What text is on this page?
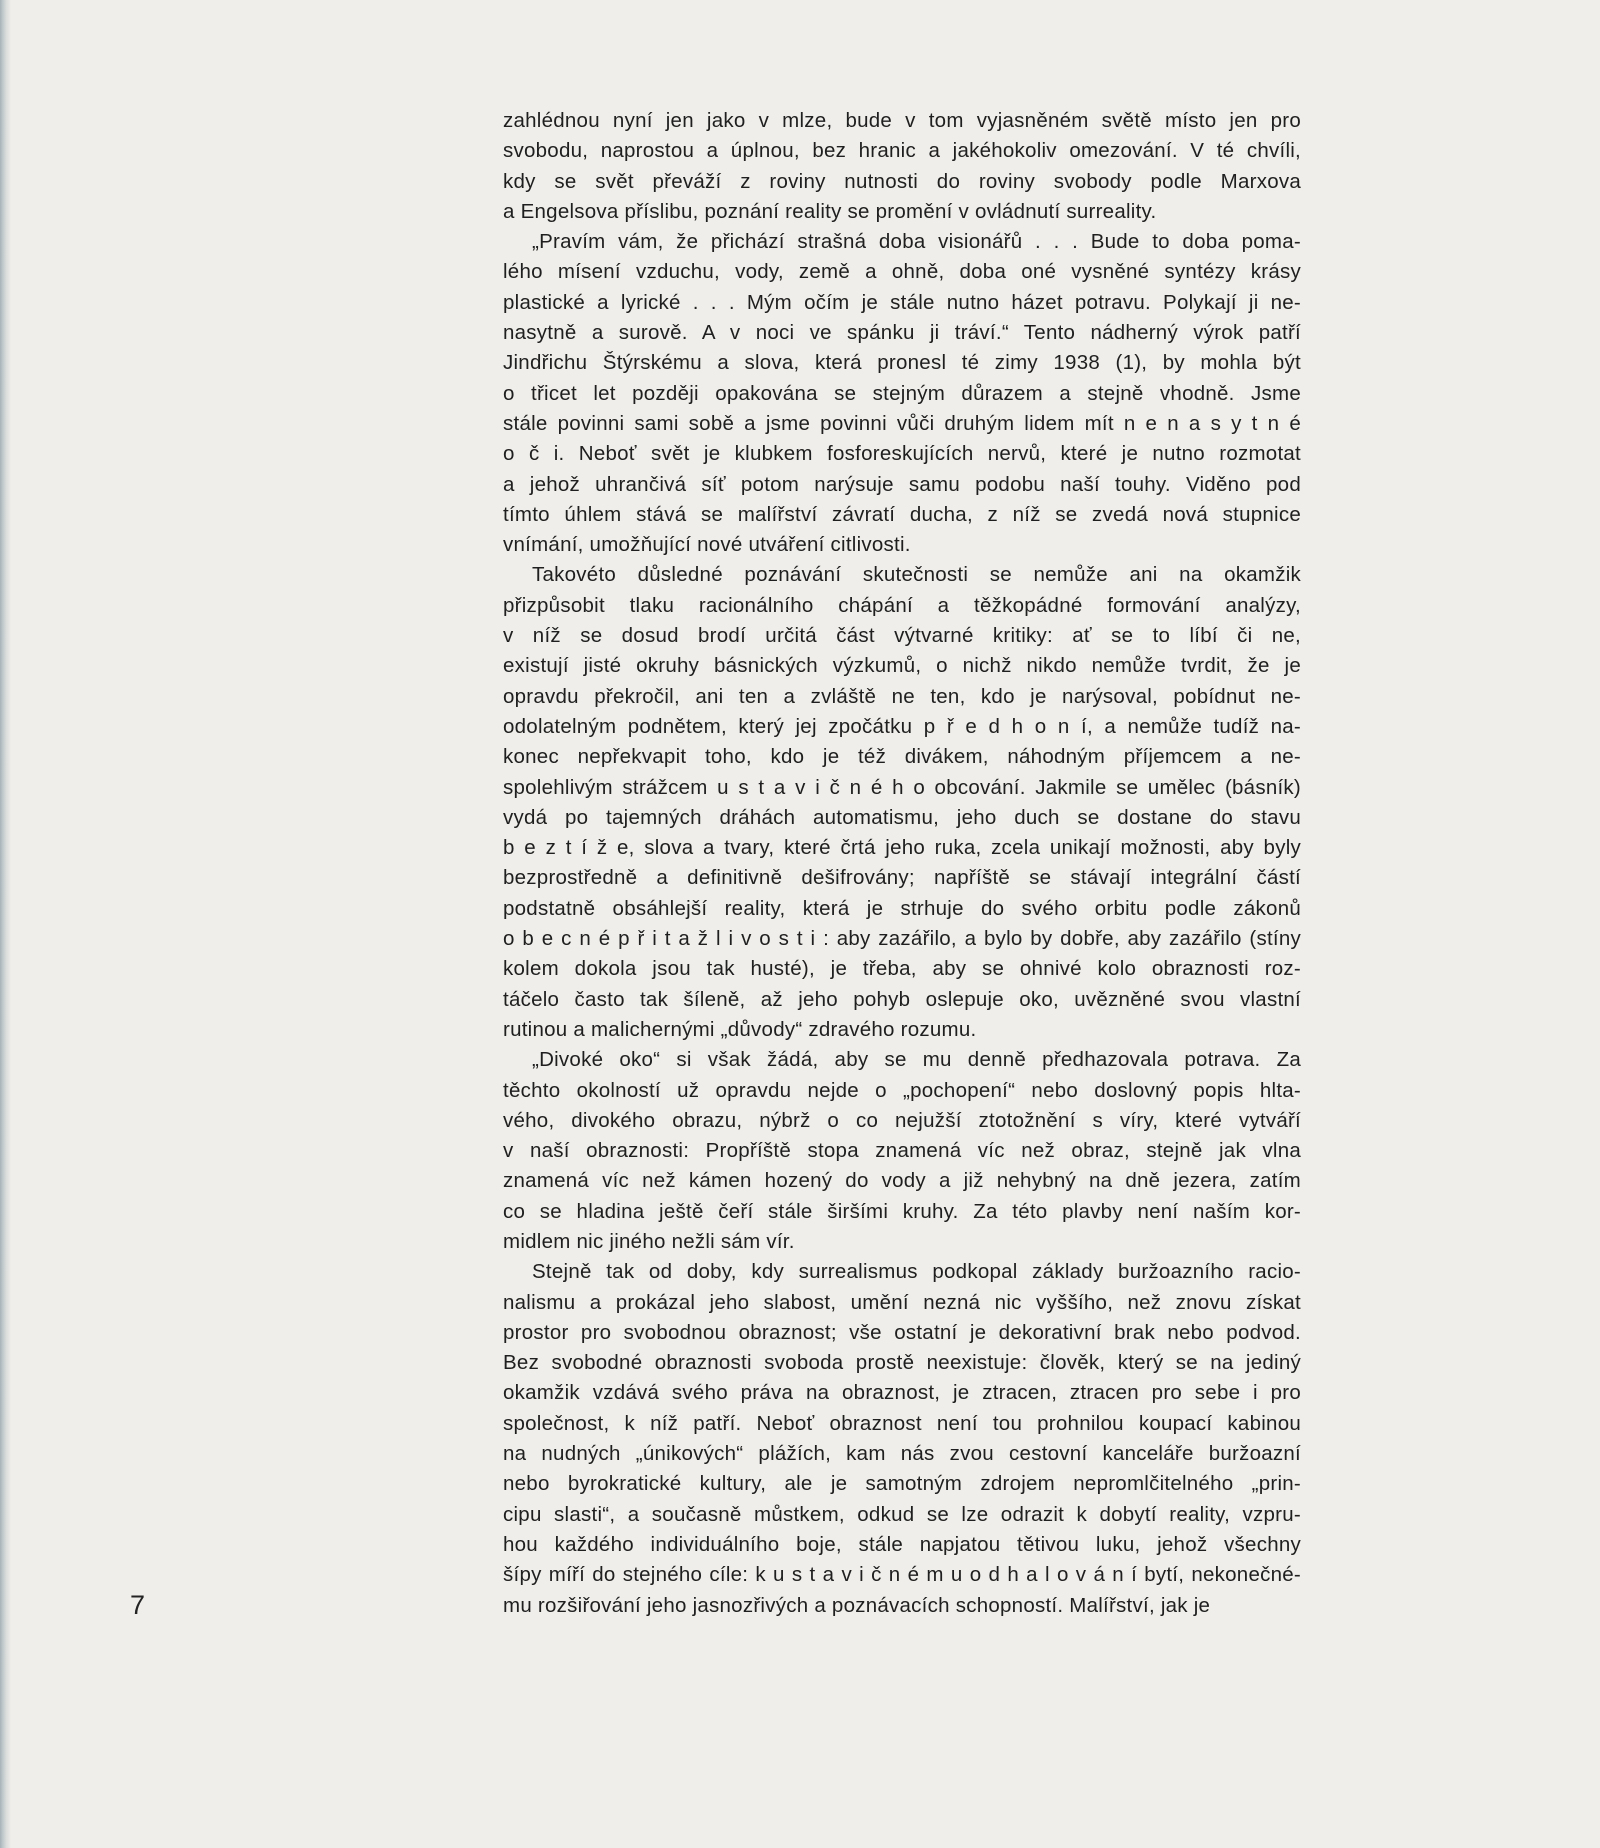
7
zahlédnou nyní jen jako v mlze, bude v tom vyjasněném světě místo jen pro
svobodu, naprostou a úplnou, bez hranic a jakéhokoliv omezování. V té chvíli,
kdy se svět převáží z roviny nutnosti do roviny svobody podle Marxova
a Engelsova příslibu, poznání reality se promění v ovládnutí surreality.
„Pravím vám, že přichází strašná doba visionářů . . . Bude to doba poma-
lého mísení vzduchu, vody, země a ohně, doba oné vysněné syntézy krásy
plastické a lyrické . . . Mým očím je stále nutno házet potravu. Polykají ji ne-
nasytně a surově. A v noci ve spánku ji tráví.“ Tento nádherný výrok patří
Jindřichu Štýrskému a slova, která pronesl té zimy 1938 (1), by mohla být
o třicet let později opakována se stejným důrazem a stejně vhodně. Jsme
stále povinni sami sobě a jsme povinni vůči druhým lidem mít n e n a s y t n é
o č i. Neboť svět je klubkem fosforeskujících nervů, které je nutno rozmotat
a jehož uhrančivá síť potom narýsuje samu podobu naší touhy. Viděno pod
tímto úhlem stává se malířství závratí ducha, z níž se zvedá nová stupnice
vnímání, umožňující nové utváření citlivosti.
Takovéto důsledné poznávání skutečnosti se nemůže ani na okamžik
přizpůsobit tlaku racionálního chápání a těžkopádné formování analýzy,
v níž se dosud brodí určitá část výtvarné kritiky: ať se to líbí či ne,
existují jisté okruhy básnických výzkumů, o nichž nikdo nemůže tvrdit, že je
opravdu překročil, ani ten a zvláště ne ten, kdo je narýsoval, pobídnut ne-
odolatelným podnětem, který jej zpočátku p ř e d h o n í, a nemůže tudíž na-
konec nepřekvapit toho, kdo je též divákem, náhodným příjemcem a ne-
spolehlivým strážcem u s t a v i č n é h o obcování. Jakmile se umělec (básník)
vydá po tajemných dráhách automatismu, jeho duch se dostane do stavu
b e z t í ž e, slova a tvary, které črtá jeho ruka, zcela unikají možnosti, aby byly
bezprostředně a definitivně dešifrovány; napříště se stávají integrální částí
podstatně obsáhlejší reality, která je strhuje do svého orbitu podle zákonů
o b e c n é p ř i t a ž l i v o s t i : aby zazářilo, a bylo by dobře, aby zazářilo (stíny
kolem dokola jsou tak husté), je třeba, aby se ohnivé kolo obraznosti roz-
táčelo často tak šíleně, až jeho pohyb oslepuje oko, uvězněné svou vlastní
rutinou a malichernými „důvody“ zdravého rozumu.
„Divoké oko“ si však žádá, aby se mu denně předhazovala potrava. Za
těchto okolností už opravdu nejde o „pochopení“ nebo doslovný popis hlta-
vého, divokého obrazu, nýbrž o co nejužší ztotožnění s víry, které vytváří
v naší obraznosti: Propříště stopa znamená víc než obraz, stejně jak vlna
znamená víc než kámen hozený do vody a již nehybný na dně jezera, zatím
co se hladina ještě čeří stále širšími kruhy. Za této plavby není naším kor-
midlem nic jiného nežli sám vír.
Stejně tak od doby, kdy surrealismus podkopal základy buržoazního racio-
nalismu a prokázal jeho slabost, umění nezná nic vyššího, než znovu získat
prostor pro svobodnou obraznost; vše ostatní je dekorativní brak nebo podvod.
Bez svobodné obraznosti svoboda prostě neexistuje: člověk, který se na jediný
okamžik vzdává svého práva na obraznost, je ztracen, ztracen pro sebe i pro
společnost, k níž patří. Neboť obraznost není tou prohnilou koupací kabinou
na nudných „únikových“ plážích, kam nás zvou cestovní kanceláře buržoazní
nebo byrokratické kultury, ale je samotným zdrojem nepromlčitelného „prin-
cipu slasti“, a současně můstkem, odkud se lze odrazit k dobytí reality, vzpru-
hou každého individuálního boje, stále napjatou tětivou luku, jehož všechny
šípy míří do stejného cíle: k u s t a v i č n é m u o d h a l o v á n í bytí, nekonečné-
mu rozšiřování jeho jasnozřivých a poznávacích schopností. Malířství, jak je
